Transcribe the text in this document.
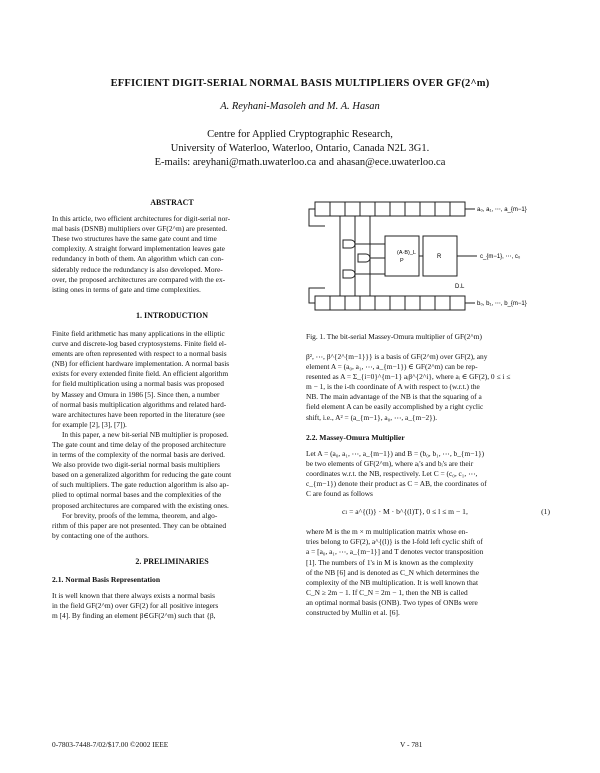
EFFICIENT DIGIT-SERIAL NORMAL BASIS MULTIPLIERS OVER GF(2^m)
A. Reyhani-Masoleh and M. A. Hasan
Centre for Applied Cryptographic Research,
University of Waterloo, Waterloo, Ontario, Canada N2L 3G1.
E-mails: areyhani@math.uwaterloo.ca and ahasan@ece.uwaterloo.ca
ABSTRACT

In this article, two efficient architectures for digit-serial nor-

mal basis (DSNB) multipliers over GF(2^m) are presented.

These two structures have the same gate count and time

complexity. A straight forward implementation leaves gate

redundancy in both of them. An algorithm which can con-

siderably reduce the redundancy is also developed. More-

over, the proposed architectures are compared with the ex-

isting ones in terms of gate and time complexities.

1. INTRODUCTION

Finite field arithmetic has many applications in the elliptic

curve and discrete-log based cryptosystems. Finite field el-

ements are often represented with respect to a normal basis

(NB) for efficient hardware implementation. A normal basis

exists for every extended finite field. An efficient algorithm

for field multiplication using a normal basis was proposed

by Massey and Omura in 1986 [5]. Since then, a number

of normal basis multiplication algorithms and related hard-

ware architectures have been reported in the literature (see

for example [2], [3], [7]).

In this paper, a new bit-serial NB multiplier is proposed.

The gate count and time delay of the proposed architecture

in terms of the complexity of the normal basis are derived.

We also provide two digit-serial normal basis multipliers

based on a generalized algorithm for reducing the gate count

of such multipliers. The gate reduction algorithm is also ap-

plied to optimal normal bases and the complexities of the

proposed architectures are compared with the existing ones.

For brevity, proofs of the lemma, theorem, and algo-

rithm of this paper are not presented. They can be obtained

by contacting one of the authors.

2. PRELIMINARIES
2.1. Normal Basis Representation

It is well known that there always exists a normal basis

in the field GF(2^m) over GF(2) for all positive integers

m [4]. By finding an element β∈GF(2^m) such that {β,

(A·B)_L
P
R
D.L
a₀, a₁, ⋯, a_{m−1}
c_{m−1}, ⋯, c₀
b₀, b₁, ⋯, b_{m−1}
Fig. 1. The bit-serial Massey-Omura multiplier of GF(2^m)

β², ⋯, β^{2^{m−1}}} is a basis of GF(2^m) over GF(2), any

element A = (a₀, a₁, ⋯, a_{m−1}) ∈ GF(2^m) can be rep-

resented as A = Σ_{i=0}^{m−1} aᵢβ^{2^i}, where aᵢ ∈ GF(2), 0 ≤ i ≤

m − 1, is the i-th coordinate of A with respect to (w.r.t.) the

NB. The main advantage of the NB is that the squaring of a

field element A can be easily accomplished by a right cyclic

shift, i.e., A² = (a_{m−1}, a₀, ⋯, a_{m−2}).

2.2. Massey-Omura Multiplier

Let A = (a₀, a₁, ⋯, a_{m−1}) and B = (b₀, b₁, ⋯, b_{m−1})

be two elements of GF(2^m), where aᵢ's and bᵢ's are their

coordinates w.r.t. the NB, respectively. Let C = (c₀, c₁, ⋯,

c_{m−1}) denote their product as C = AB, the coordinates of

C are found as follows

cₗ = a^{(l)} · M · b^{(l)T}, 0 ≤ l ≤ m − 1,	(1)

where M is the m × m multiplication matrix whose en-

tries belong to GF(2), a^{(l)} is the l-fold left cyclic shift of

a = [a₀, a₁, ⋯, a_{m−1}] and T denotes vector transposition

[1]. The numbers of 1's in M is known as the complexity

of the NB [6] and is denoted as C_N which determines the

complexity of the NB multiplication. It is well known that

C_N ≥ 2m − 1. If C_N = 2m − 1, then the NB is called

an optimal normal basis (ONB). Two types of ONBs were

constructed by Mullin et al. [6].

0-7803-7448-7/02/$17.00 ©2002 IEEE	V - 781
